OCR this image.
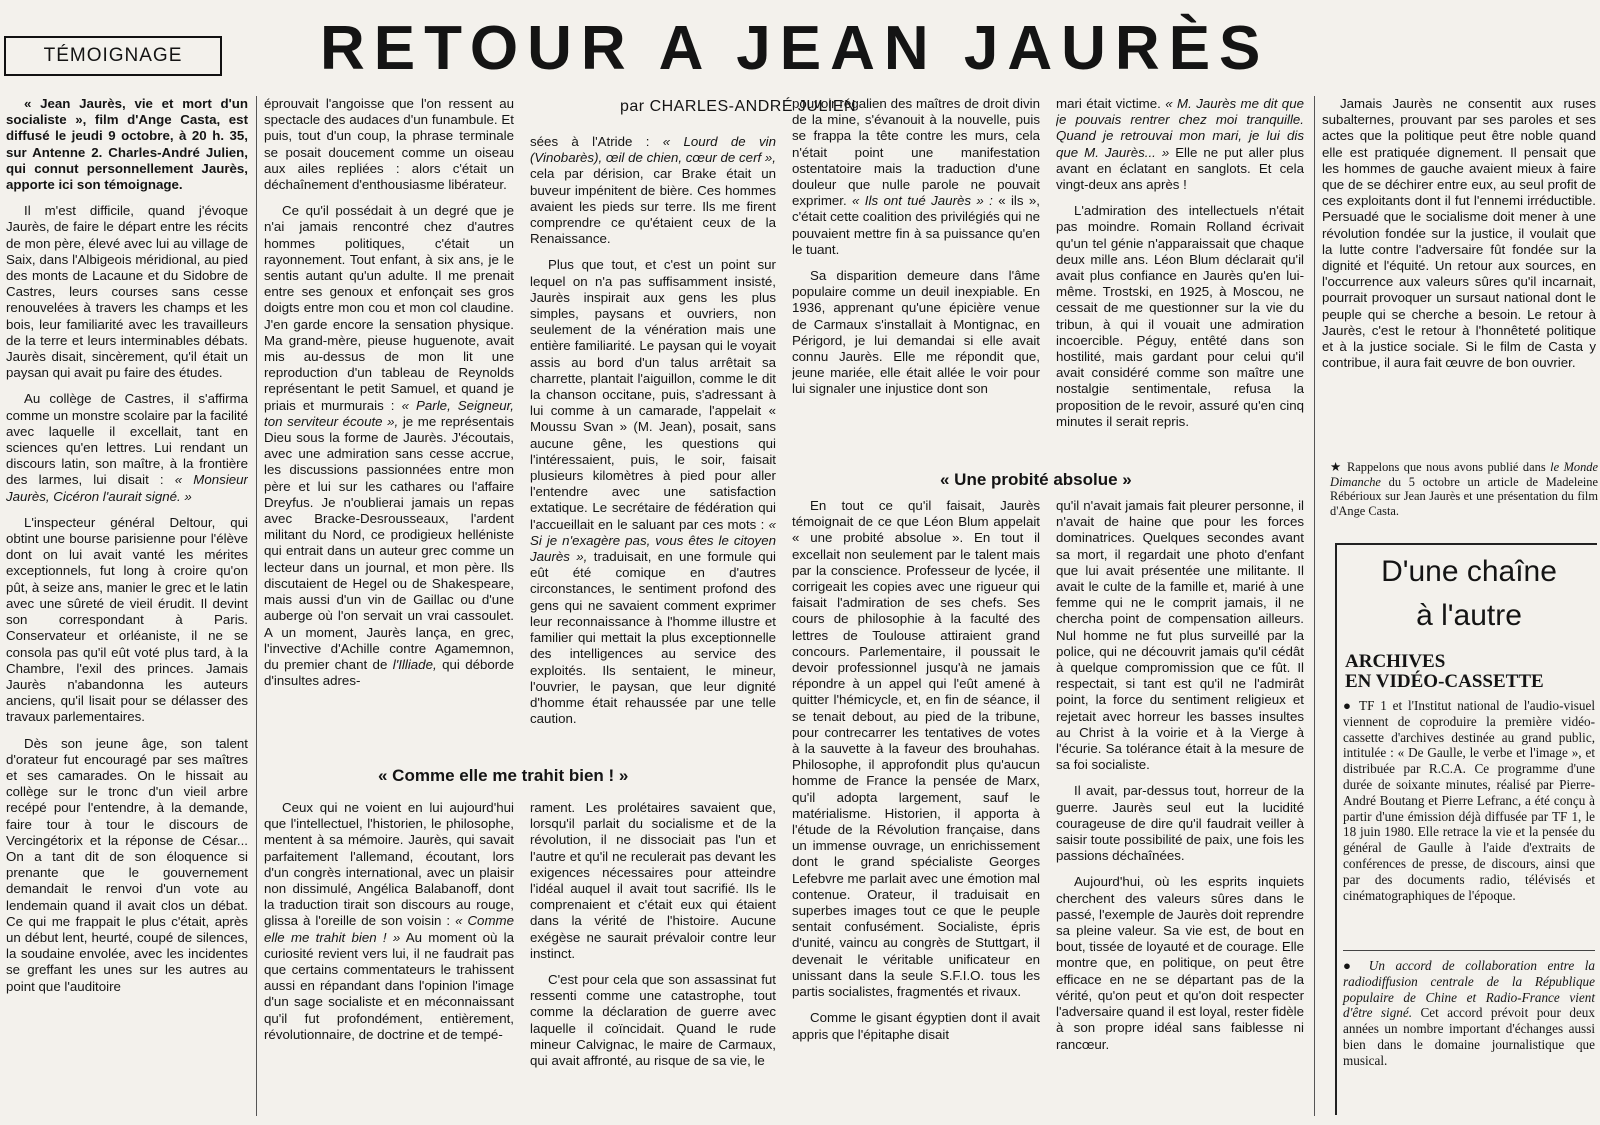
TÉMOIGNAGE	RETOUR A JEAN JAURÈS
par CHARLES-ANDRÉ JULIEN

« Jean Jaurès, vie et mort d'un socialiste », film d'Ange Casta, est diffusé le jeudi 9 octobre, à 20 h. 35, sur Antenne 2. Charles-André Julien, qui connut personnellement Jaurès, apporte ici son témoignage.

Il m'est difficile, quand j'évoque Jaurès, de faire le départ entre les récits de mon père, élevé avec lui au village de Saix, dans l'Albigeois méridional, au pied des monts de Lacaune et du Sidobre de Castres, leurs courses sans cesse renouvelées à travers les champs et les bois, leur familiarité avec les travailleurs de la terre et leurs interminables débats. Jaurès disait, sincèrement, qu'il était un paysan qui avait pu faire des études.

Au collège de Castres, il s'affirma comme un monstre scolaire par la facilité avec laquelle il excellait, tant en sciences qu'en lettres. Lui rendant un discours latin, son maître, à la frontière des larmes, lui disait : « Monsieur Jaurès, Cicéron l'aurait signé. »

L'inspecteur général Deltour, qui obtint une bourse parisienne pour l'élève dont on lui avait vanté les mérites exceptionnels, fut long à croire qu'on pût, à seize ans, manier le grec et le latin avec une sûreté de vieil érudit. Il devint son correspondant à Paris. Conservateur et orléaniste, il ne se consola pas qu'il eût voté plus tard, à la Chambre, l'exil des princes. Jamais Jaurès n'abandonna les auteurs anciens, qu'il lisait pour se délasser des travaux parlementaires.

Dès son jeune âge, son talent d'orateur fut encouragé par ses maîtres et ses camarades. On le hissait au collège sur le tronc d'un vieil arbre recépé pour l'entendre, à la demande, faire tour à tour le discours de Vercingétorix et la réponse de César... On a tant dit de son éloquence si prenante que le gouvernement demandait le renvoi d'un vote au lendemain quand il avait clos un débat. Ce qui me frappait le plus c'était, après un début lent, heurté, coupé de silences, la soudaine envolée, avec les incidentes se greffant les unes sur les autres au point que l'auditoire

éprouvait l'angoisse que l'on ressent au spectacle des audaces d'un funambule. Et puis, tout d'un coup, la phrase terminale se posait doucement comme un oiseau aux ailes repliées : alors c'était un déchaînement d'enthousiasme libérateur.

Ce qu'il possédait à un degré que je n'ai jamais rencontré chez d'autres hommes politiques, c'était un rayonnement. Tout enfant, à six ans, je le sentis autant qu'un adulte. Il me prenait entre ses genoux et enfonçait ses gros doigts entre mon cou et mon col claudine. J'en garde encore la sensation physique. Ma grand-mère, pieuse huguenote, avait mis au-dessus de mon lit une reproduction d'un tableau de Reynolds représentant le petit Samuel, et quand je priais et murmurais : « Parle, Seigneur, ton serviteur écoute », je me représentais Dieu sous la forme de Jaurès. J'écoutais, avec une admiration sans cesse accrue, les discussions passionnées entre mon père et lui sur les cathares ou l'affaire Dreyfus. Je n'oublierai jamais un repas avec Bracke-Desrousseaux, l'ardent militant du Nord, ce prodigieux helléniste qui entrait dans un auteur grec comme un lecteur dans un journal, et mon père. Ils discutaient de Hegel ou de Shakespeare, mais aussi d'un vin de Gaillac ou d'une auberge où l'on servait un vrai cassoulet. A un moment, Jaurès lança, en grec, l'invective d'Achille contre Agamemnon, du premier chant de l'Illiade, qui déborde d'insultes adres-

sées à l'Atride : « Lourd de vin (Vinobarès), œil de chien, cœur de cerf », cela par dérision, car Brake était un buveur impénitent de bière. Ces hommes avaient les pieds sur terre. Ils me firent comprendre ce qu'étaient ceux de la Renaissance.

Plus que tout, et c'est un point sur lequel on n'a pas suffisamment insisté, Jaurès inspirait aux gens les plus simples, paysans et ouvriers, non seulement de la vénération mais une entière familiarité. Le paysan qui le voyait assis au bord d'un talus arrêtait sa charrette, plantait l'aiguillon, comme le dit la chanson occitane, puis, s'adressant à lui comme à un camarade, l'appelait « Moussu Svan » (M. Jean), posait, sans aucune gêne, les questions qui l'intéressaient, puis, le soir, faisait plusieurs kilomètres à pied pour aller l'entendre avec une satisfaction extatique. Le secrétaire de fédération qui l'accueillait en le saluant par ces mots : « Si je n'exagère pas, vous êtes le citoyen Jaurès », traduisait, en une formule qui eût été comique en d'autres circonstances, le sentiment profond des gens qui ne savaient comment exprimer leur reconnaissance à l'homme illustre et familier qui mettait la plus exceptionnelle des intelligences au service des exploités. Ils sentaient, le mineur, l'ouvrier, le paysan, que leur dignité d'homme était rehaussée par une telle caution.

pouvoir régalien des maîtres de droit divin de la mine, s'évanouit à la nouvelle, puis se frappa la tête contre les murs, cela n'était point une manifestation ostentatoire mais la traduction d'une douleur que nulle parole ne pouvait exprimer. « Ils ont tué Jaurès » : « ils », c'était cette coalition des privilégiés qui ne pouvaient mettre fin à sa puissance qu'en le tuant.

Sa disparition demeure dans l'âme populaire comme un deuil inexpiable. En 1936, apprenant qu'une épicière venue de Carmaux s'installait à Montignac, en Périgord, je lui demandai si elle avait connu Jaurès. Elle me répondit que, jeune mariée, elle était allée le voir pour lui signaler une injustice dont son

mari était victime. « M. Jaurès me dit que je pouvais rentrer chez moi tranquille. Quand je retrouvai mon mari, je lui dis que M. Jaurès... » Elle ne put aller plus avant en éclatant en sanglots. Et cela vingt-deux ans après !

L'admiration des intellectuels n'était pas moindre. Romain Rolland écrivait qu'un tel génie n'apparaissait que chaque deux mille ans. Léon Blum déclarait qu'il avait plus confiance en Jaurès qu'en lui-même. Trostski, en 1925, à Moscou, ne cessait de me questionner sur la vie du tribun, à qui il vouait une admiration incoercible. Péguy, entêté dans son hostilité, mais gardant pour celui qu'il avait considéré comme son maître une nostalgie sentimentale, refusa la proposition de le revoir, assuré qu'en cinq minutes il serait repris.

Jamais Jaurès ne consentit aux ruses subalternes, prouvant par ses paroles et ses actes que la politique peut être noble quand elle est pratiquée dignement. Il pensait que les hommes de gauche avaient mieux à faire que de se déchirer entre eux, au seul profit de ces exploitants dont il fut l'ennemi irréductible. Persuadé que le socialisme doit mener à une révolution fondée sur la justice, il voulait que la lutte contre l'adversaire fût fondée sur la dignité et l'équité. Un retour aux sources, en l'occurrence aux valeurs sûres qu'il incarnait, pourrait provoquer un sursaut national dont le peuple qui se cherche a besoin. Le retour à Jaurès, c'est le retour à l'honnêteté politique et à la justice sociale. Si le film de Casta y contribue, il aura fait œuvre de bon ouvrier.

★ Rappelons que nous avons publié dans le Monde Dimanche du 5 octobre un article de Madeleine Rébérioux sur Jean Jaurès et une présentation du film d'Ange Casta.
« Une probité absolue »

En tout ce qu'il faisait, Jaurès témoignait de ce que Léon Blum appelait « une probité absolue ». En tout il excellait non seulement par le talent mais par la conscience. Professeur de lycée, il corrigeait les copies avec une rigueur qui faisait l'admiration de ses chefs. Ses cours de philosophie à la faculté des lettres de Toulouse attiraient grand concours. Parlementaire, il poussait le devoir professionnel jusqu'à ne jamais répondre à un appel qui l'eût amené à quitter l'hémicycle, et, en fin de séance, il se tenait debout, au pied de la tribune, pour contrecarrer les tentatives de votes à la sauvette à la faveur des brouhahas. Philosophe, il approfondit plus qu'aucun homme de France la pensée de Marx, qu'il adopta largement, sauf le matérialisme. Historien, il apporta à l'étude de la Révolution française, dans un immense ouvrage, un enrichissement dont le grand spécialiste Georges Lefebvre me parlait avec une émotion mal contenue. Orateur, il traduisait en superbes images tout ce que le peuple sentait confusément. Socialiste, épris d'unité, vaincu au congrès de Stuttgart, il devenait le véritable unificateur en unissant dans la seule S.F.I.O. tous les partis socialistes, fragmentés et rivaux.

Comme le gisant égyptien dont il avait appris que l'épitaphe disait

qu'il n'avait jamais fait pleurer personne, il n'avait de haine que pour les forces dominatrices. Quelques secondes avant sa mort, il regardait une photo d'enfant que lui avait présentée une militante. Il avait le culte de la famille et, marié à une femme qui ne le comprit jamais, il ne chercha point de compensation ailleurs. Nul homme ne fut plus surveillé par la police, qui ne découvrit jamais qu'il cédât à quelque compromission que ce fût. Il respectait, si tant est qu'il ne l'admirât point, la force du sentiment religieux et rejetait avec horreur les basses insultes au Christ à la voirie et à la Vierge à l'écurie. Sa tolérance était à la mesure de sa foi socialiste.

Il avait, par-dessus tout, horreur de la guerre. Jaurès seul eut la lucidité courageuse de dire qu'il faudrait veiller à saisir toute possibilité de paix, une fois les passions déchaînées.

Aujourd'hui, où les esprits inquiets cherchent des valeurs sûres dans le passé, l'exemple de Jaurès doit reprendre sa pleine valeur. Sa vie est, de bout en bout, tissée de loyauté et de courage. Elle montre que, en politique, on peut être efficace en ne se départant pas de la vérité, qu'on peut et qu'on doit respecter l'adversaire quand il est loyal, rester fidèle à son propre idéal sans faiblesse ni rancœur.

« Comme elle me trahit bien ! »

Ceux qui ne voient en lui aujourd'hui que l'intellectuel, l'historien, le philosophe, mentent à sa mémoire. Jaurès, qui savait parfaitement l'allemand, écoutant, lors d'un congrès international, avec un plaisir non dissimulé, Angélica Balabanoff, dont la traduction tirait son discours au rouge, glissa à l'oreille de son voisin : « Comme elle me trahit bien ! » Au moment où la curiosité revient vers lui, il ne faudrait pas que certains commentateurs le trahissent aussi en répandant dans l'opinion l'image d'un sage socialiste et en méconnaissant qu'il fut profondément, entièrement, révolutionnaire, de doctrine et de tempé-

rament. Les prolétaires savaient que, lorsqu'il parlait du socialisme et de la révolution, il ne dissociait pas l'un et l'autre et qu'il ne reculerait pas devant les exigences nécessaires pour atteindre l'idéal auquel il avait tout sacrifié. Ils le comprenaient et c'était eux qui étaient dans la vérité de l'histoire. Aucune exégèse ne saurait prévaloir contre leur instinct.

C'est pour cela que son assassinat fut ressenti comme une catastrophe, tout comme la déclaration de guerre avec laquelle il coïncidait. Quand le rude mineur Calvignac, le maire de Carmaux, qui avait affronté, au risque de sa vie, le

D'une chaîne
à l'autre
ARCHIVES
EN VIDÉO-CASSETTE
● TF 1 et l'Institut national de l'audio-visuel viennent de coproduire la première vidéo-cassette d'archives destinée au grand public, intitulée : « De Gaulle, le verbe et l'image », et distribuée par R.C.A. Ce programme d'une durée de soixante minutes, réalisé par Pierre-André Boutang et Pierre Lefranc, a été conçu à partir d'une émission déjà diffusée par TF 1, le 18 juin 1980. Elle retrace la vie et la pensée du général de Gaulle à l'aide d'extraits de conférences de presse, de discours, ainsi que par des documents radio, télévisés et cinématographiques de l'époque.
● Un accord de collaboration entre la radiodiffusion centrale de la République populaire de Chine et Radio-France vient d'être signé. Cet accord prévoit pour deux années un nombre important d'échanges aussi bien dans le domaine journalistique que musical.
